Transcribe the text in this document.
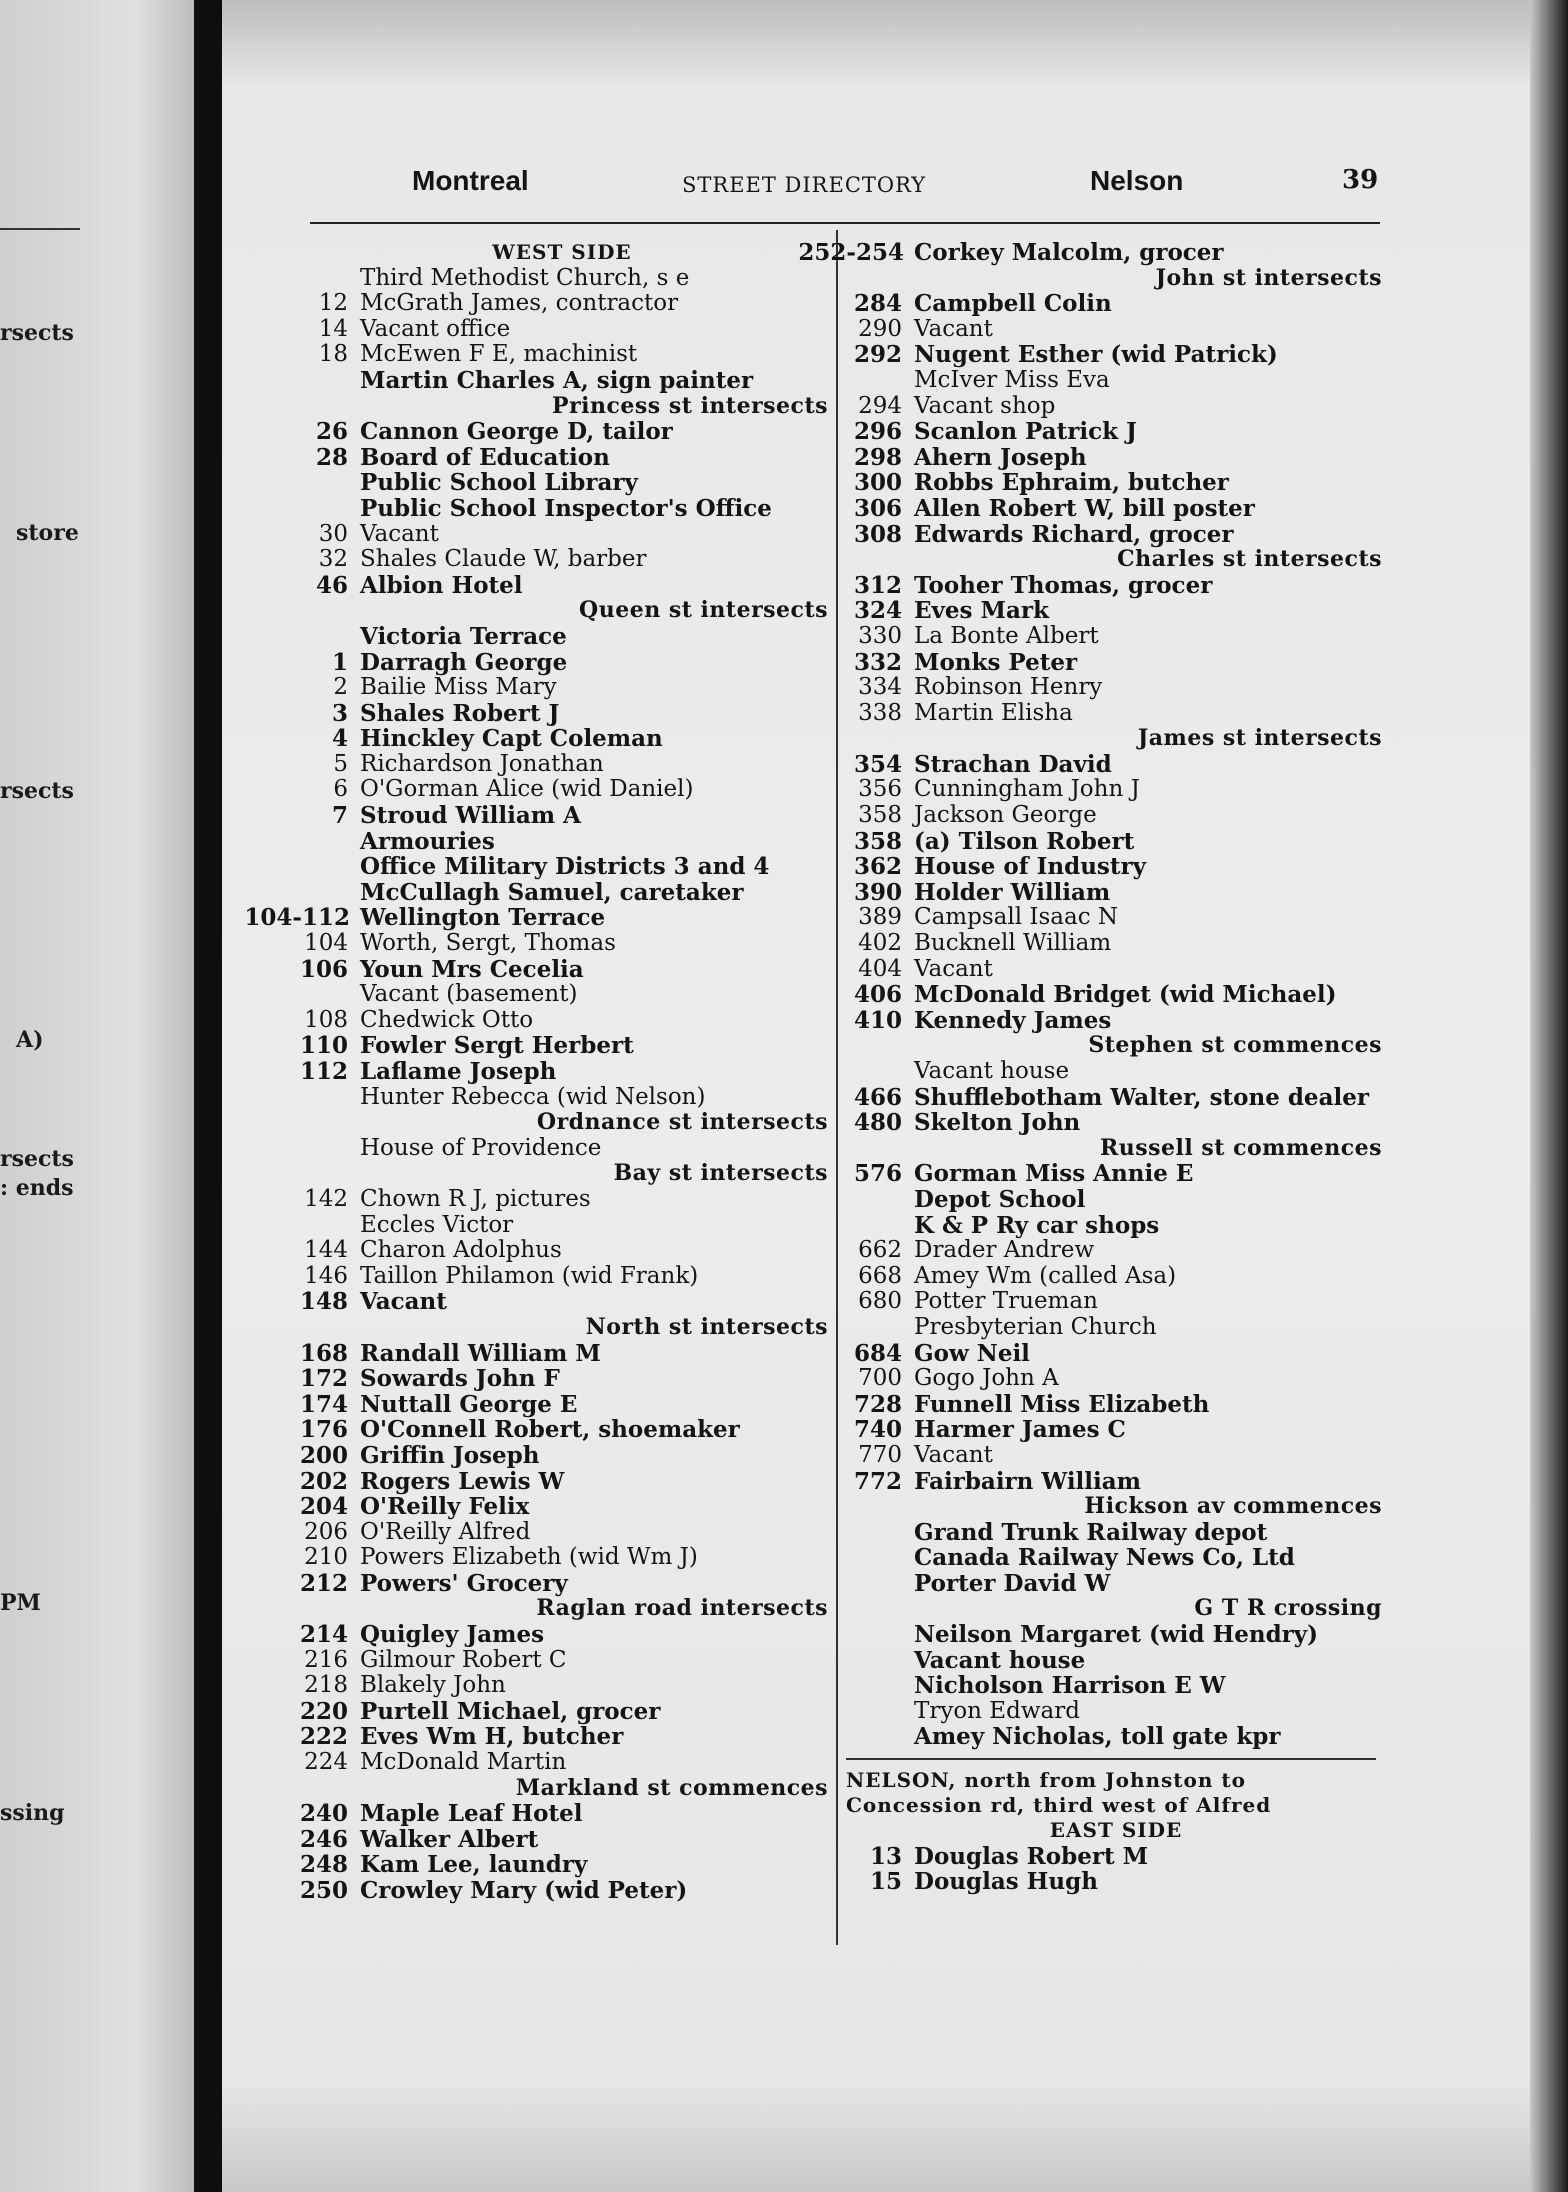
rsects
store
rsects
A)
rsects
: ends
PM
ssing
Montreal	STREET DIRECTORY	Nelson	39
WEST SIDE
Third Methodist Church, s e
12 McGrath James, contractor
14 Vacant office
18 McEwen F E, machinist
Martin Charles A, sign painter
Princess st intersects
26 Cannon George D, tailor
28 Board of Education
Public School Library
Public School Inspector's Office
30 Vacant
32 Shales Claude W, barber
46 Albion Hotel
Queen st intersects
Victoria Terrace
1 Darragh George
2 Bailie Miss Mary
3 Shales Robert J
4 Hinckley Capt Coleman
5 Richardson Jonathan
6 O'Gorman Alice (wid Daniel)
7 Stroud William A
Armouries
Office Military Districts 3 and 4
McCullagh Samuel, caretaker
104-112 Wellington Terrace
104 Worth, Sergt, Thomas
106 Youn Mrs Cecelia
Vacant (basement)
108 Chedwick Otto
110 Fowler Sergt Herbert
112 Laflame Joseph
Hunter Rebecca (wid Nelson)
Ordnance st intersects
House of Providence
Bay st intersects
142 Chown R J, pictures
Eccles Victor
144 Charon Adolphus
146 Taillon Philamon (wid Frank)
148 Vacant
North st intersects
168 Randall William M
172 Sowards John F
174 Nuttall George E
176 O'Connell Robert, shoemaker
200 Griffin Joseph
202 Rogers Lewis W
204 O'Reilly Felix
206 O'Reilly Alfred
210 Powers Elizabeth (wid Wm J)
212 Powers' Grocery
Raglan road intersects
214 Quigley James
216 Gilmour Robert C
218 Blakely John
220 Purtell Michael, grocer
222 Eves Wm H, butcher
224 McDonald Martin
Markland st commences
240 Maple Leaf Hotel
246 Walker Albert
248 Kam Lee, laundry
250 Crowley Mary (wid Peter)
252-254 Corkey Malcolm, grocer
John st intersects
284 Campbell Colin
290 Vacant
292 Nugent Esther (wid Patrick)
McIver Miss Eva
294 Vacant shop
296 Scanlon Patrick J
298 Ahern Joseph
300 Robbs Ephraim, butcher
306 Allen Robert W, bill poster
308 Edwards Richard, grocer
Charles st intersects
312 Tooher Thomas, grocer
324 Eves Mark
330 La Bonte Albert
332 Monks Peter
334 Robinson Henry
338 Martin Elisha
James st intersects
354 Strachan David
356 Cunningham John J
358 Jackson George
358 (a) Tilson Robert
362 House of Industry
390 Holder William
389 Campsall Isaac N
402 Bucknell William
404 Vacant
406 McDonald Bridget (wid Michael)
410 Kennedy James
Stephen st commences
Vacant house
466 Shufflebotham Walter, stone dealer
480 Skelton John
Russell st commences
576 Gorman Miss Annie E
Depot School
K & P Ry car shops
662 Drader Andrew
668 Amey Wm (called Asa)
680 Potter Trueman
Presbyterian Church
684 Gow Neil
700 Gogo John A
728 Funnell Miss Elizabeth
740 Harmer James C
770 Vacant
772 Fairbairn William
Hickson av commences
Grand Trunk Railway depot
Canada Railway News Co, Ltd
Porter David W
G T R crossing
Neilson Margaret (wid Hendry)
Vacant house
Nicholson Harrison E W
Tryon Edward
Amey Nicholas, toll gate kpr
NELSON, north from Johnston to Concession rd, third west of Alfred
EAST SIDE
13 Douglas Robert M
15 Douglas Hugh
